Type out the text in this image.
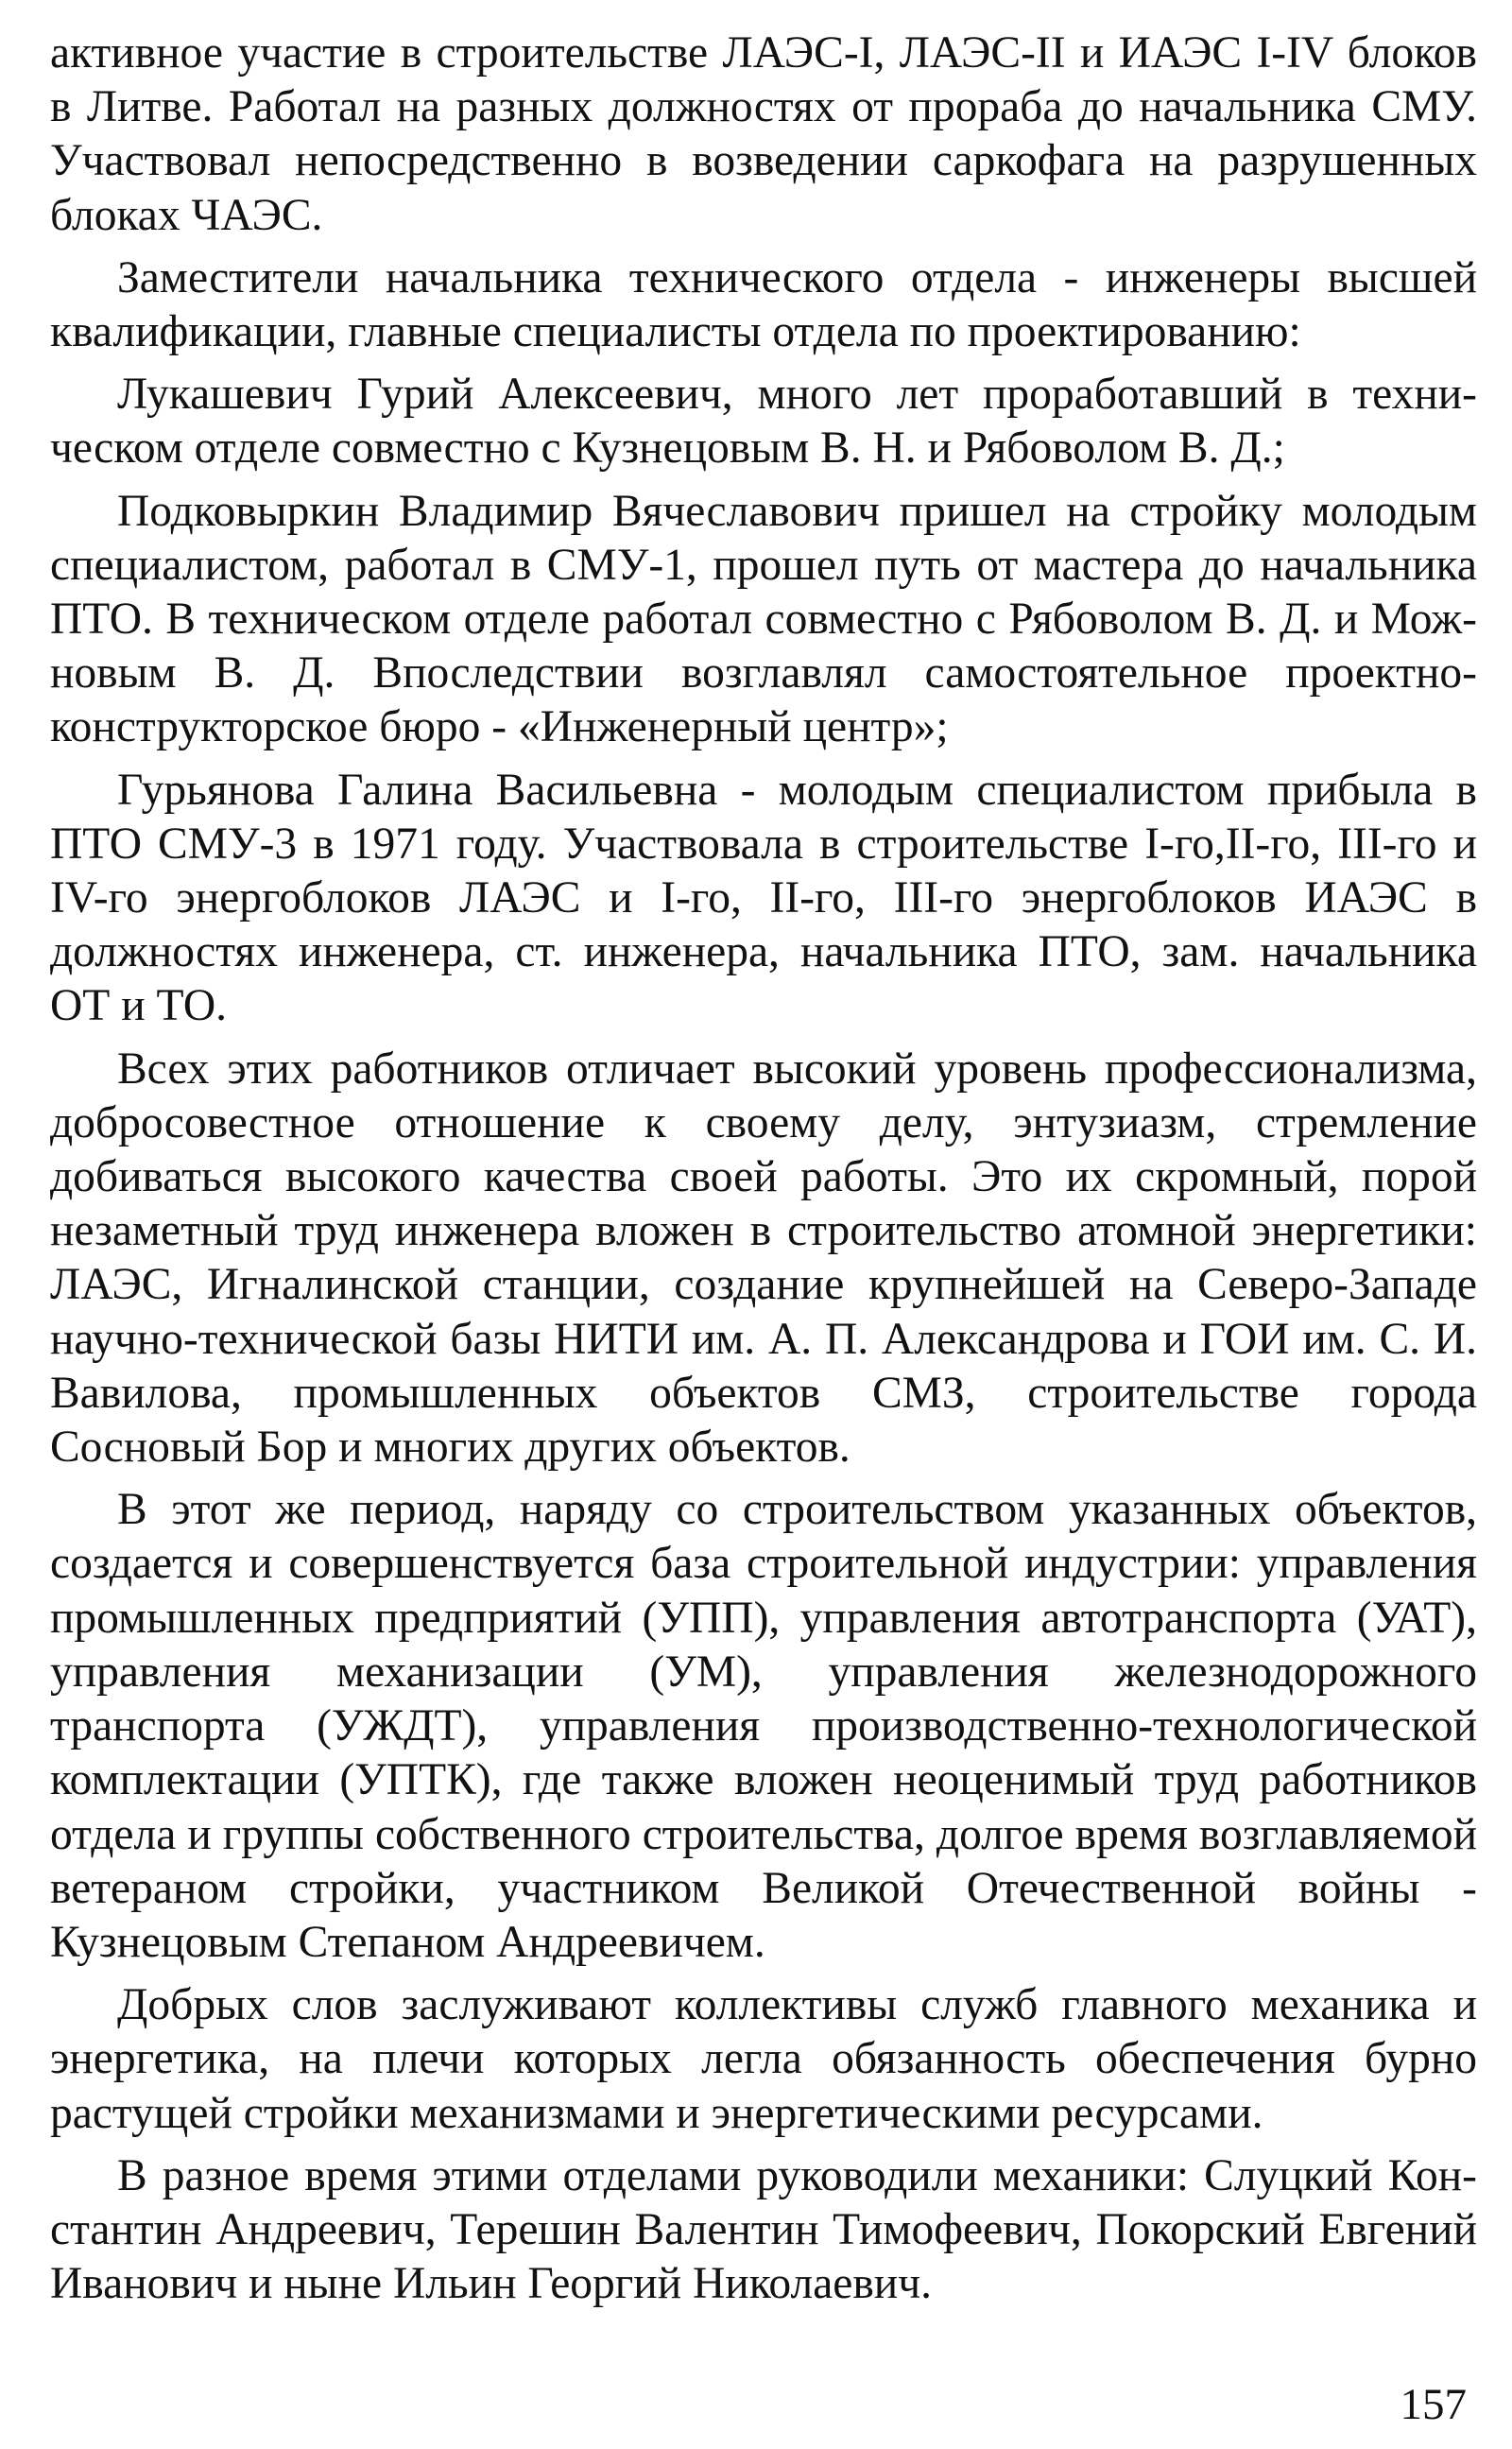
активное участие в строительстве ЛАЭС-I, ЛАЭС-II и ИАЭС I-IV блоков в Литве. Работал на разных должностях от прораба до начальника СМУ. Участвовал непосредственно в возведении саркофага на разрушенных блоках ЧАЭС.

Заместители начальника технического отдела - инженеры высшей квалификации, главные специалисты отдела по проектированию:

Лукашевич Гурий Алексеевич, много лет проработавший в техническом отделе совместно с Кузнецовым В. Н. и Рябоволом В. Д.;

Подковыркин Владимир Вячеславович пришел на стройку молодым специалистом, работал в СМУ-1, прошел путь от мастера до начальника ПТО. В техническом отделе работал совместно с Рябоволом В. Д. и Можновым В. Д. Впоследствии возглавлял самостоятельное проектно-конструкторское бюро - «Инженерный центр»;

Гурьянова Галина Васильевна - молодым специалистом прибыла в ПТО СМУ-3 в 1971 году. Участвовала в строительстве I-го,II-го, III-го и IV-го энергоблоков ЛАЭС и I-го, II-го, III-го энергоблоков ИАЭС в должностях инженера, ст. инженера, начальника ПТО, зам. начальника ОТ и ТО.

Всех этих работников отличает высокий уровень профессионализма, добросовестное отношение к своему делу, энтузиазм, стремление добиваться высокого качества своей работы. Это их скромный, порой незаметный труд инженера вложен в строительство атомной энергетики: ЛАЭС, Игналинской станции, создание крупнейшей на Северо-Западе научно-технической базы НИТИ им. А. П. Александрова и ГОИ им. С. И. Вавилова, промышленных объектов СМЗ, строительстве города Сосновый Бор и многих других объектов.

В этот же период, наряду со строительством указанных объектов, создается и совершенствуется база строительной индустрии: управления промышленных предприятий (УПП), управления автотранспорта (УАТ), управления механизации (УМ), управления железнодорожного транспорта (УЖДТ), управления производственно-технологической комплектации (УПТК), где также вложен неоценимый труд работников отдела и группы собственного строительства, долгое время возглавляемой ветераном стройки, участником Великой Отечественной войны - Кузнецовым Степаном Андреевичем.

Добрых слов заслуживают коллективы служб главного механика и энергетика, на плечи которых легла обязанность обеспечения бурно растущей стройки механизмами и энергетическими ресурсами.

В разное время этими отделами руководили механики: Слуцкий Константин Андреевич, Терешин Валентин Тимофеевич, Покорский Евгений Иванович и ныне Ильин Георгий Николаевич.

157
